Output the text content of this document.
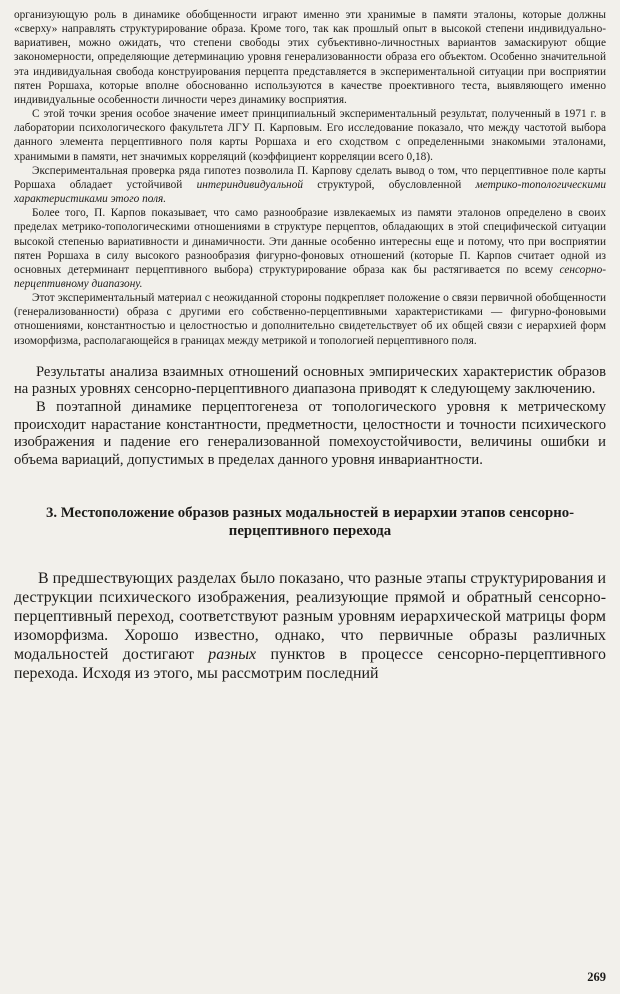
организующую роль в динамике обобщенности играют именно эти хранимые в памяти эталоны, которые должны «сверху» направлять структурирование образа. Кроме того, так как прошлый опыт в высокой степени индивидуально-вариативен, можно ожидать, что степени свободы этих субъективно-личностных вариантов замаскируют общие закономерности, определяющие детерминацию уровня генерализованности образа его объектом. Особенно значительной эта индивидуальная свобода конструирования перцепта представляется в экспериментальной ситуации при восприятии пятен Роршаха, которые вполне обоснованно используются в качестве проективного теста, выявляющего именно индивидуальные особенности личности через динамику восприятия.

С этой точки зрения особое значение имеет принципиальный экспериментальный результат, полученный в 1971 г. в лаборатории психологического факультета ЛГУ П. Карповым. Его исследование показало, что между частотой выбора данного элемента перцептивного поля карты Роршаха и его сходством с определенными знакомыми эталонами, хранимыми в памяти, нет значимых корреляций (коэффициент корреляции всего 0,18).

Экспериментальная проверка ряда гипотез позволила П. Карпову сделать вывод о том, что перцептивное поле карты Роршаха обладает устойчивой интериндивидуальной структурой, обусловленной метрико-топологическими характеристиками этого поля.

Более того, П. Карпов показывает, что само разнообразие извлекаемых из памяти эталонов определено в своих пределах метрико-топологическими отношениями в структуре перцептов, обладающих в этой специфической ситуации высокой степенью вариативности и динамичности. Эти данные особенно интересны еще и потому, что при восприятии пятен Роршаха в силу высокого разнообразия фигурно-фоновых отношений (которые П. Карпов считает одной из основных детерминант перцептивного выбора) структурирование образа как бы растягивается по всему сенсорно-перцептивному диапазону.

Этот экспериментальный материал с неожиданной стороны подкрепляет положение о связи первичной обобщенности (генерализованности) образа с другими его собственно-перцептивными характеристиками — фигурно-фоновыми отношениями, константностью и целостностью и дополнительно свидетельствует об их общей связи с иерархией форм изоморфизма, располагающейся в границах между метрикой и топологией перцептивного поля.

Результаты анализа взаимных отношений основных эмпирических характеристик образов на разных уровнях сенсорно-перцептивного диапазона приводят к следующему заключению.

В поэтапной динамике перцептогенеза от топологического уровня к метрическому происходит нарастание константности, предметности, целостности и точности психического изображения и падение его генерализованной помехоустойчивости, величины ошибки и объема вариаций, допустимых в пределах данного уровня инвариантности.

3. Местоположение образов разных модальностей в иерархии этапов сенсорно-перцептивного перехода

В предшествующих разделах было показано, что разные этапы структурирования и деструкции психического изображения, реализующие прямой и обратный сенсорно-перцептивный переход, соответствуют разным уровням иерархической матрицы форм изоморфизма. Хорошо известно, однако, что первичные образы различных модальностей достигают разных пунктов в процессе сенсорно-перцептивного перехода. Исходя из этого, мы рассмотрим последний

269
